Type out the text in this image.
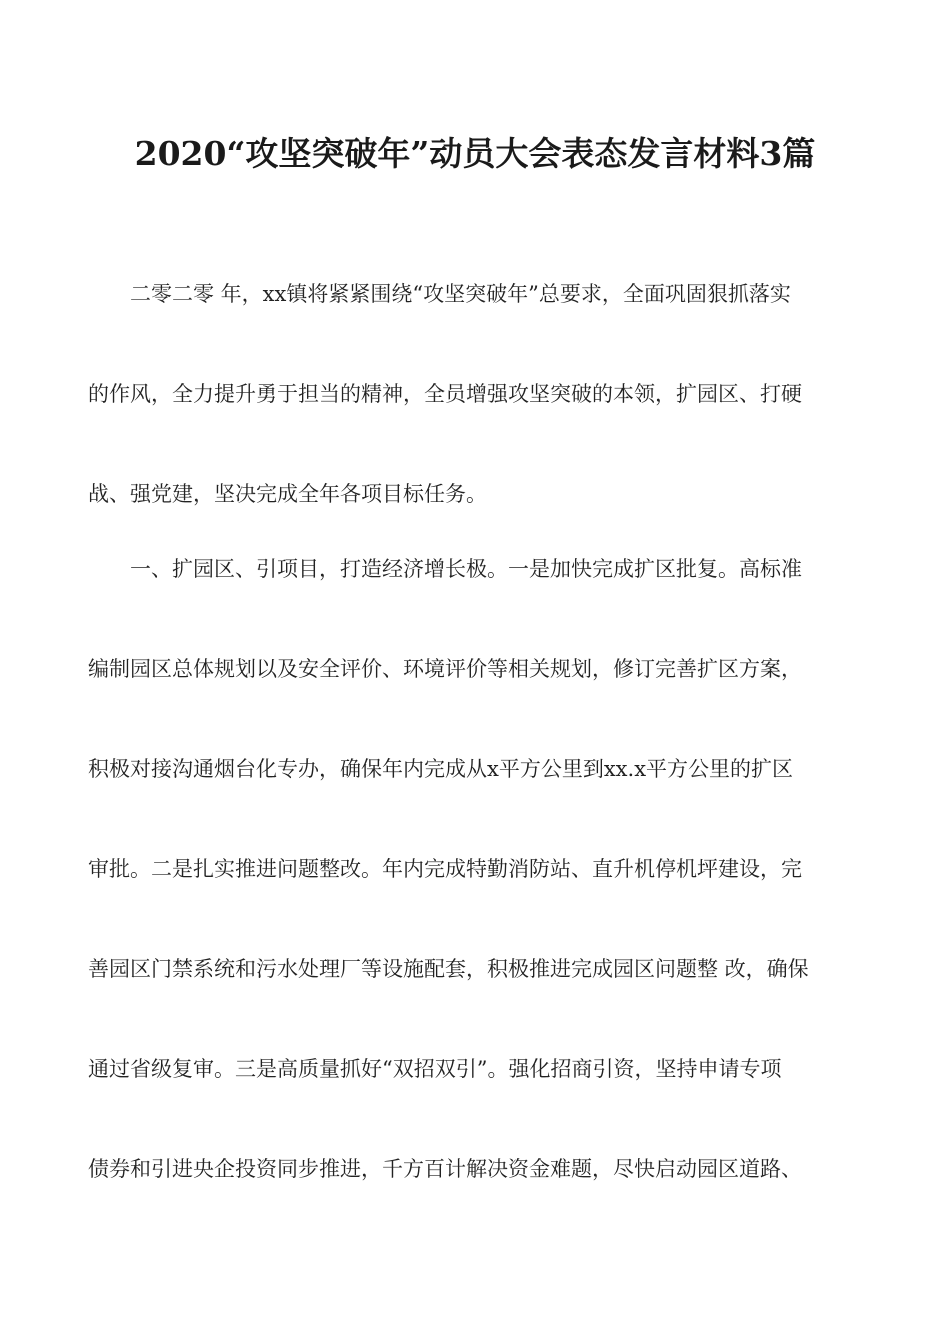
2020“攻坚突破年”动员大会表态发言材料3篇
二零二零 年，xx镇将紧紧围绕“攻坚突破年”总要求，全面巩固狠抓落实
的作风，全力提升勇于担当的精神，全员增强攻坚突破的本领，扩园区、打硬
战、强党建，坚决完成全年各项目标任务。
一、扩园区、引项目，打造经济增长极。一是加快完成扩区批复。高标准
编制园区总体规划以及安全评价、环境评价等相关规划，修订完善扩区方案，
积极对接沟通烟台化专办，确保年内完成从x平方公里到xx.x平方公里的扩区
审批。二是扎实推进问题整改。年内完成特勤消防站、直升机停机坪建设，完
善园区门禁系统和污水处理厂等设施配套，积极推进完成园区问题整 改，确保
通过省级复审。三是高质量抓好“双招双引”。强化招商引资，坚持申请专项
债券和引进央企投资同步推进，千方百计解决资金难题，尽快启动园区道路、
